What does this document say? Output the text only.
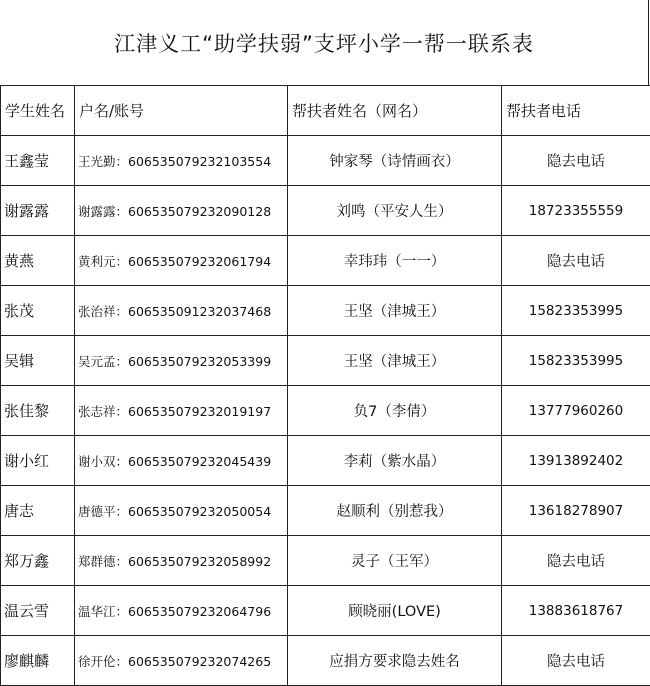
江津义工“助学扶弱”支坪小学一帮一联系表
学生姓名	户名/账号	帮扶者姓名（网名）	帮扶者电话
王鑫莹	王光勤：606535079232103554	钟家琴（诗情画衣）	隐去电话
谢露露	谢露露：606535079232090128	刘鸣（平安人生）	18723355559
黄燕	黄利元：606535079232061794	幸玮玮（一一）	隐去电话
张茂	张治祥：606535091232037468	王坚（津城王）	15823353995
吴辑	吴元孟：606535079232053399	王坚（津城王）	15823353995
张佳黎	张志祥：606535079232019197	负7（李倩）	13777960260
谢小红	谢小双：606535079232045439	李莉（紫水晶）	13913892402
唐志	唐德平：606535079232050054	赵顺利（别惹我）	13618278907
郑万鑫	郑群德：606535079232058992	灵子（王军）	隐去电话
温云雪	温华江：606535079232064796	顾晓丽(LOVE)	13883618767
廖麒麟	徐开伦：606535079232074265	应捐方要求隐去姓名	隐去电话
